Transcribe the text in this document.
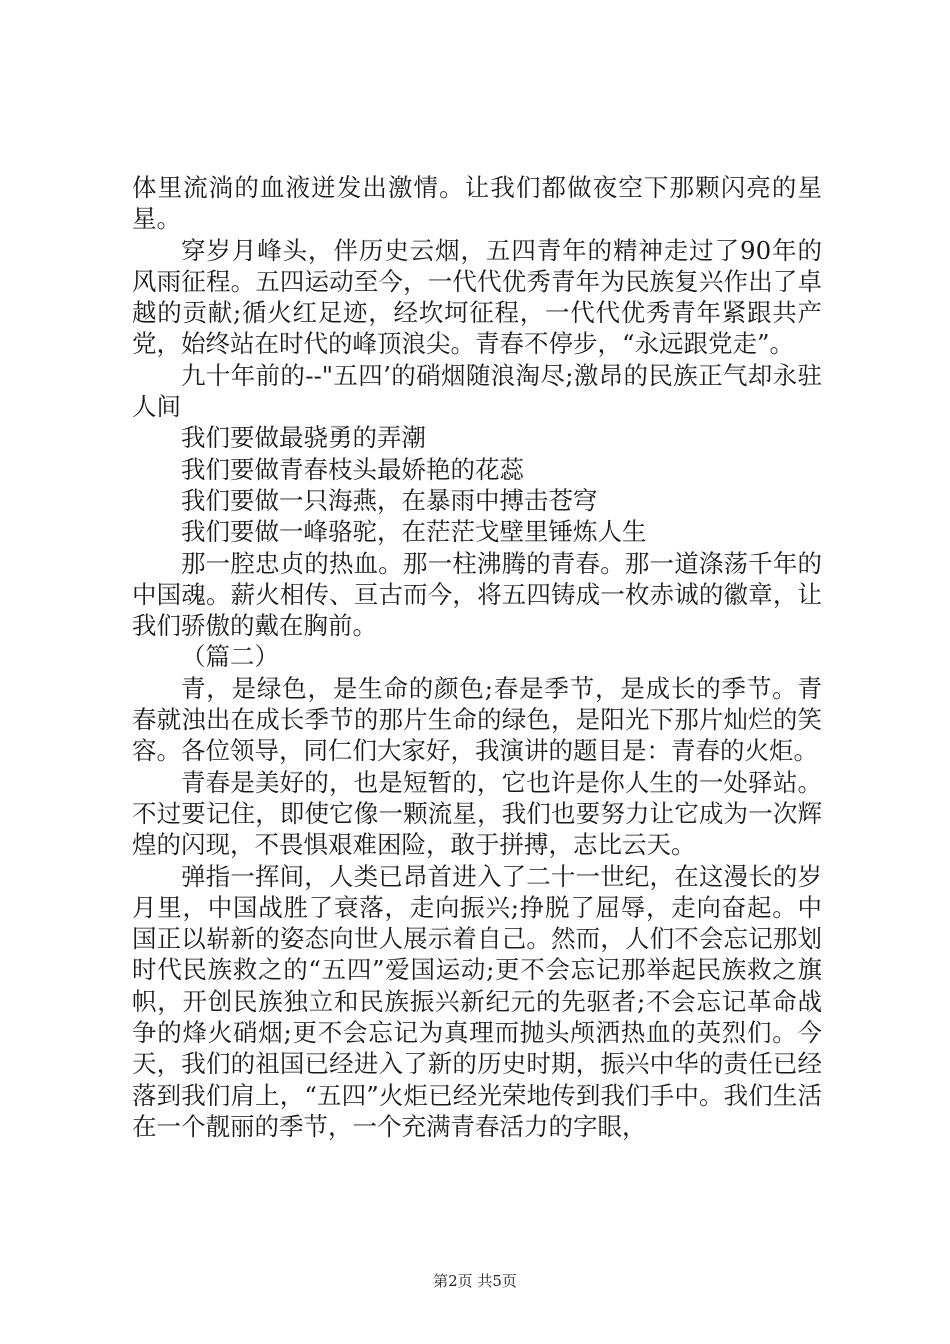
体里流淌的血液迸发出激情。让我们都做夜空下那颗闪亮的星星。

穿岁月峰头，伴历史云烟，五四青年的精神走过了90年的风雨征程。五四运动至今，一代代优秀青年为民族复兴作出了卓越的贡献;循火红足迹，经坎坷征程，一代代优秀青年紧跟共产党，始终站在时代的峰顶浪尖。青春不停步，“永远跟党走”。

九十年前的--"五四’的硝烟随浪淘尽;激昂的民族正气却永驻人间

我们要做最骁勇的弄潮

我们要做青春枝头最娇艳的花蕊

我们要做一只海燕，在暴雨中搏击苍穹

我们要做一峰骆驼，在茫茫戈壁里锤炼人生

那一腔忠贞的热血。那一柱沸腾的青春。那一道涤荡千年的中国魂。薪火相传、亘古而今，将五四铸成一枚赤诚的徽章，让我们骄傲的戴在胸前。

（篇二）

青，是绿色，是生命的颜色;春是季节，是成长的季节。青春就浊出在成长季节的那片生命的绿色，是阳光下那片灿烂的笑容。各位领导，同仁们大家好，我演讲的题目是：青春的火炬。

青春是美好的，也是短暂的，它也许是你人生的一处驿站。不过要记住，即使它像一颗流星，我们也要努力让它成为一次辉煌的闪现，不畏惧艰难困险，敢于拼搏，志比云天。

弹指一挥间，人类已昂首进入了二十一世纪，在这漫长的岁月里，中国战胜了衰落，走向振兴;挣脱了屈辱，走向奋起。中国正以崭新的姿态向世人展示着自己。然而，人们不会忘记那划时代民族救之的“五四”爱国运动;更不会忘记那举起民族救之旗帜，开创民族独立和民族振兴新纪元的先驱者;不会忘记革命战争的烽火硝烟;更不会忘记为真理而抛头颅洒热血的英烈们。今天，我们的祖国已经进入了新的历史时期，振兴中华的责任已经落到我们肩上，“五四”火炬已经光荣地传到我们手中。我们生活在一个靓丽的季节，一个充满青春活力的字眼，

第2页 共5页
